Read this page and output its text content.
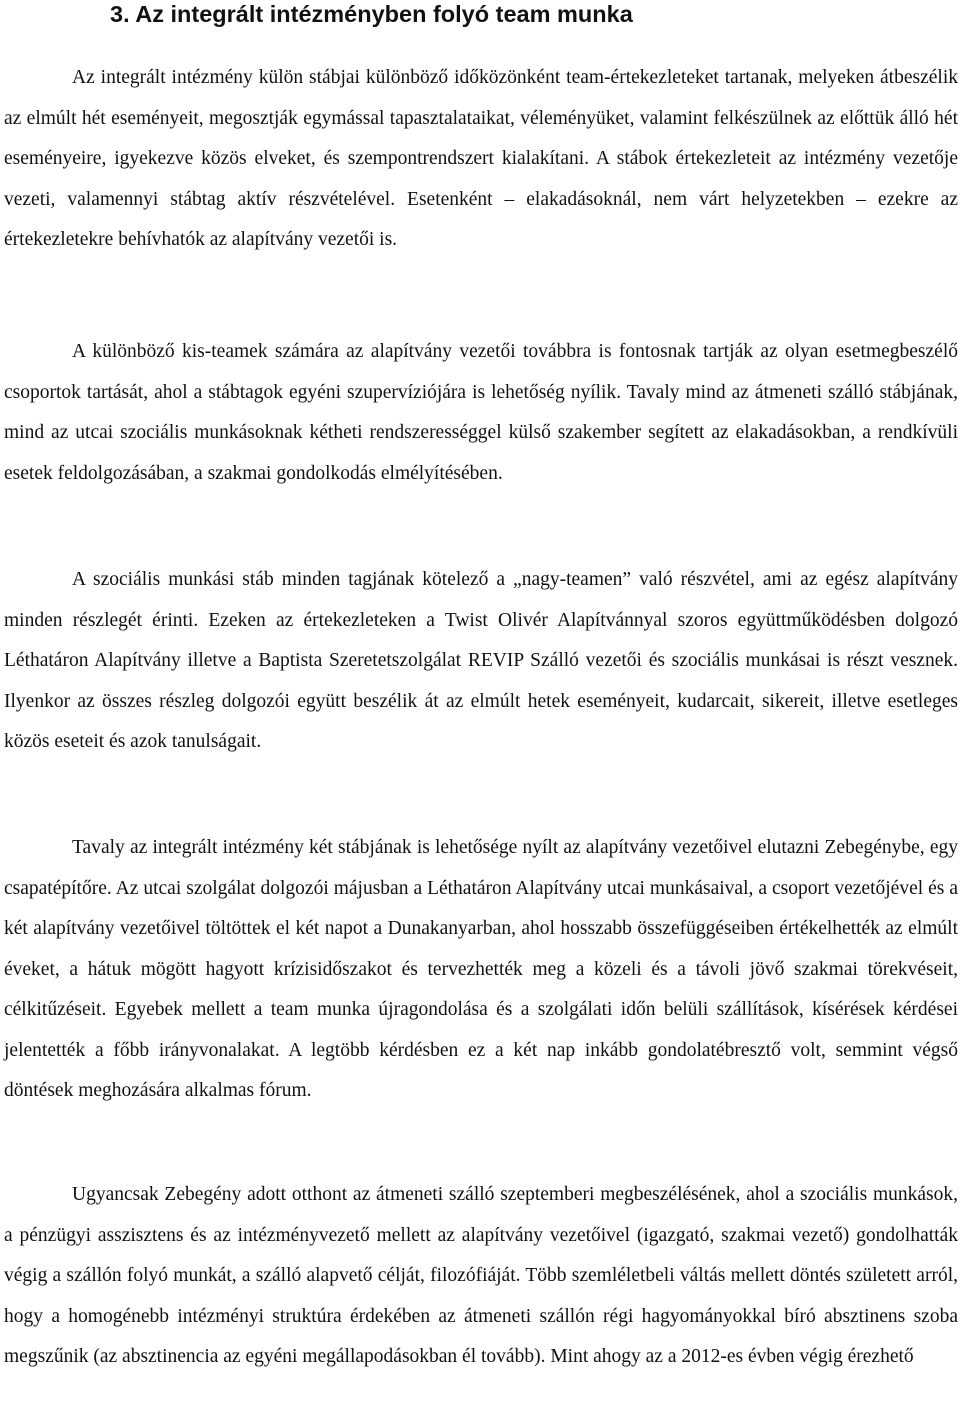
3. Az integrált intézményben folyó team munka

Az integrált intézmény külön stábjai különböző időközönként team-értekezleteket tartanak, melyeken átbeszélik az elmúlt hét eseményeit, megosztják egymással tapasztalataikat, véleményüket, valamint felkészülnek az előttük álló hét eseményeire, igyekezve közös elveket, és szempontrendszert kialakítani. A stábok értekezleteit az intézmény vezetője vezeti, valamennyi stábtag aktív részvételével. Esetenként – elakadásoknál, nem várt helyzetekben – ezekre az értekezletekre behívhatók az alapítvány vezetői is.

A különböző kis-teamek számára az alapítvány vezetői továbbra is fontosnak tartják az olyan esetmegbeszélő csoportok tartását, ahol a stábtagok egyéni szupervíziójára is lehetőség nyílik. Tavaly mind az átmeneti szálló stábjának, mind az utcai szociális munkásoknak kétheti rendszerességgel külső szakember segített az elakadásokban, a rendkívüli esetek feldolgozásában, a szakmai gondolkodás elmélyítésében.

A szociális munkási stáb minden tagjának kötelező a „nagy-teamen” való részvétel, ami az egész alapítvány minden részlegét érinti. Ezeken az értekezleteken a Twist Olivér Alapítvánnyal szoros együttműködésben dolgozó Léthatáron Alapítvány illetve a Baptista Szeretetszolgálat REVIP Szálló vezetői és szociális munkásai is részt vesznek. Ilyenkor az összes részleg dolgozói együtt beszélik át az elmúlt hetek eseményeit, kudarcait, sikereit, illetve esetleges közös eseteit és azok tanulságait.

Tavaly az integrált intézmény két stábjának is lehetősége nyílt az alapítvány vezetőivel elutazni Zebegénybe, egy csapatépítőre. Az utcai szolgálat dolgozói májusban a Léthatáron Alapítvány utcai munkásaival, a csoport vezetőjével és a két alapítvány vezetőivel töltöttek el két napot a Dunakanyarban, ahol hosszabb összefüggéseiben értékelhették az elmúlt éveket, a hátuk mögött hagyott krízisidőszakot és tervezhették meg a közeli és a távoli jövő szakmai törekvéseit, célkitűzéseit. Egyebek mellett a team munka újragondolása és a szolgálati időn belüli szállítások, kísérések kérdései jelentették a főbb irányvonalakat. A legtöbb kérdésben ez a két nap inkább gondolatébresztő volt, semmint végső döntések meghozására alkalmas fórum.

Ugyancsak Zebegény adott otthont az átmeneti szálló szeptemberi megbeszélésének, ahol a szociális munkások, a pénzügyi asszisztens és az intézményvezető mellett az alapítvány vezetőivel (igazgató, szakmai vezető) gondolhatták végig a szállón folyó munkát, a szálló alapvető célját, filozófiáját. Több szemléletbeli váltás mellett döntés született arról, hogy a homogénebb intézményi struktúra érdekében az átmeneti szállón régi hagyományokkal bíró absztinens szoba megszűnik (az absztinencia az egyéni megállapodásokban él tovább). Mint ahogy az a 2012-es évben végig érezhető
